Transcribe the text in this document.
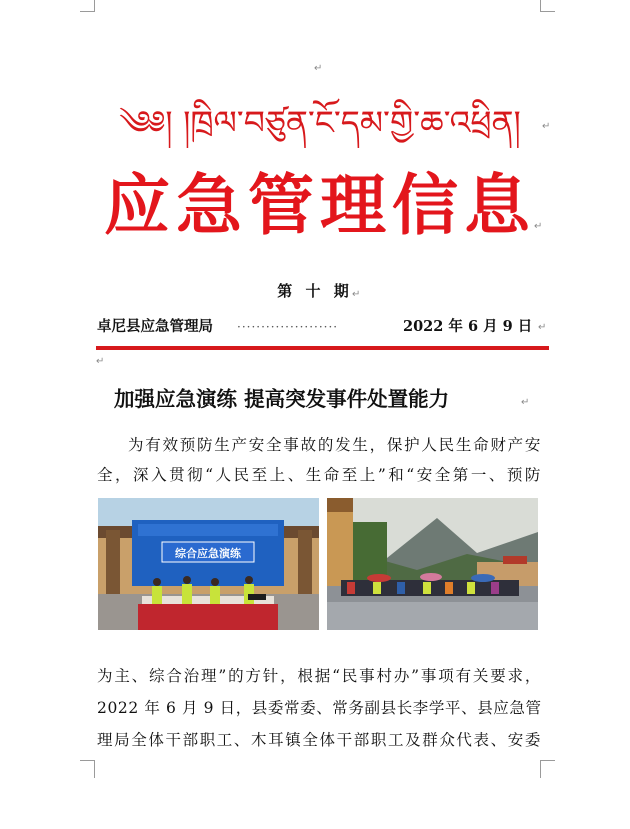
↵
↵
↵
↵
↵
↵
↵
༄༅། །ཁྲིལ་བཙུན་ངོ་དམ་གྱི་ཆ་འཕྲིན།
应急管理信息
第 十 期
卓尼县应急管理局 ·····················	2022 年 6 月 9 日
加强应急演练 提高突发事件处置能力
为有效预防生产安全事故的发生，保护人民生命财产安
全，深入贯彻“人民至上、生命至上”和“安全第一、预防
综合应急演练
为主、综合治理”的方针，根据“民事村办”事项有关要求，
2022 年 6 月 9 日，县委常委、常务副县长李学平、县应急管
理局全体干部职工、木耳镇全体干部职工及群众代表、安委
